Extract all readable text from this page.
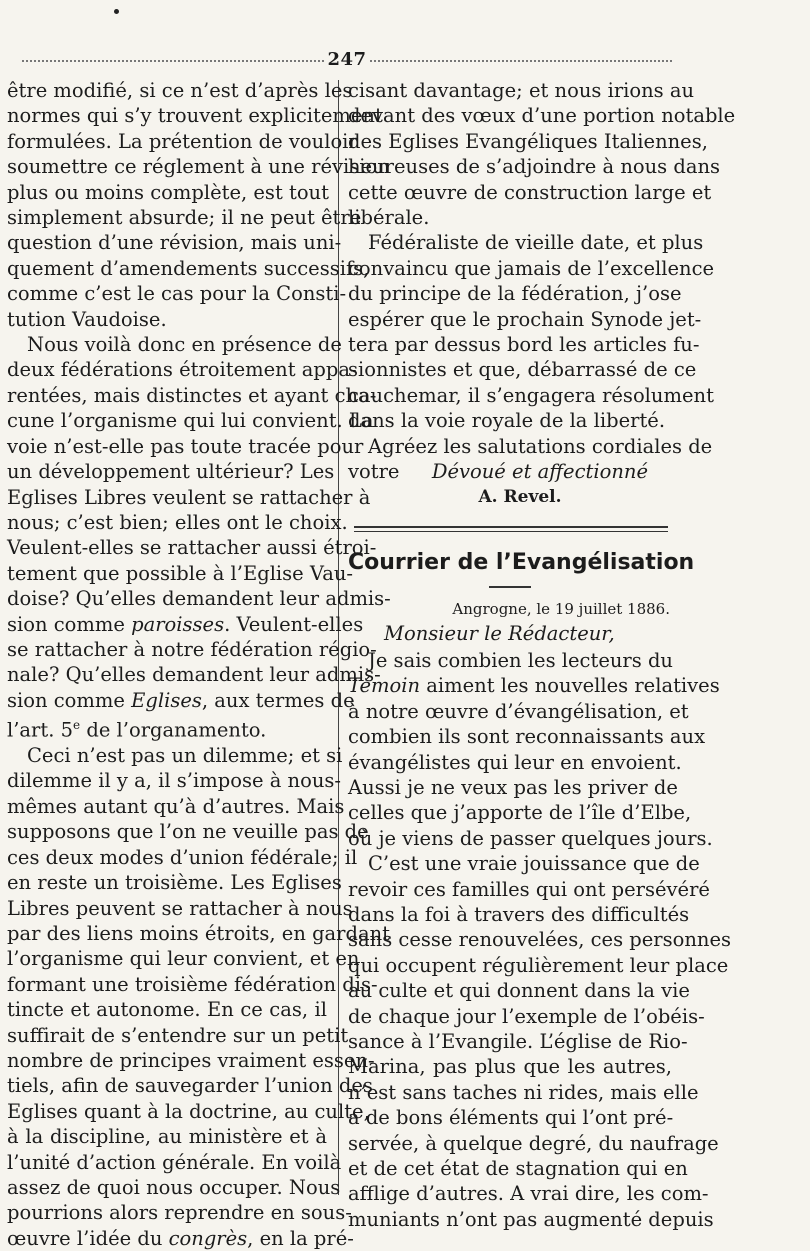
247
être modifié, si ce n’est d’après les
normes qui s’y trouvent explicitement
formulées. La prétention de vouloir
soumettre ce réglement à une révision
plus ou moins complète, est tout
simplement absurde; il ne peut être
question d’une révision, mais uni-
quement d’amendements successifs,
comme c’est le cas pour la Consti-
tution Vaudoise.
Nous voilà donc en présence de
deux fédérations étroitement appa-
rentées, mais distinctes et ayant cha-
cune l’organisme qui lui convient. La
voie n’est-elle pas toute tracée pour
un développement ultérieur? Les
Eglises Libres veulent se rattacher à
nous; c’est bien; elles ont le choix.
Veulent-elles se rattacher aussi étroi-
tement que possible à l’Eglise Vau-
doise? Qu’elles demandent leur admis-
sion comme paroisses. Veulent-elles
se rattacher à notre fédération régio-
nale? Qu’elles demandent leur admis-
sion comme Eglises, aux termes de
l’art. 5e de l’organamento.
Ceci n’est pas un dilemme; et si
dilemme il y a, il s’impose à nous-
mêmes autant qu’à d’autres. Mais
supposons que l’on ne veuille pas de
ces deux modes d’union fédérale; il
en reste un troisième. Les Eglises
Libres peuvent se rattacher à nous
par des liens moins étroits, en gardant
l’organisme qui leur convient, et en
formant une troisième fédération dis-
tincte et autonome. En ce cas, il
suffirait de s’entendre sur un petit
nombre de principes vraiment essen-
tiels, afin de sauvegarder l’union des
Eglises quant à la doctrine, au culte,
à la discipline, au ministère et à
l’unité d’action générale. En voilà
assez de quoi nous occuper. Nous
pourrions alors reprendre en sous-
œuvre l’idée du congrès, en la pré-
cisant davantage; et nous irions au
devant des vœux d’une portion notable
des Eglises Evangéliques Italiennes,
heureuses de s’adjoindre à nous dans
cette œuvre de construction large et
libérale.
Fédéraliste de vieille date, et plus
convaincu que jamais de l’excellence
du principe de la fédération, j’ose
espérer que le prochain Synode jet-
tera par dessus bord les articles fu-
sionnistes et que, débarrassé de ce
cauchemar, il s’engagera résolument
dans la voie royale de la liberté.
Agréez les salutations cordiales de
votre Dévoué et affectionné
A. Revel.
Courrier de l’Evangélisation
Angrogne, le 19 juillet 1886.
Monsieur le Rédacteur,
Je sais combien les lecteurs du
Témoin aiment les nouvelles relatives
à notre œuvre d’évangélisation, et
combien ils sont reconnaissants aux
évangélistes qui leur en envoient.
Aussi je ne veux pas les priver de
celles que j’apporte de l’île d’Elbe,
où je viens de passer quelques jours.
C’est une vraie jouissance que de
revoir ces familles qui ont persévéré
dans la foi à travers des difficultés
sans cesse renouvelées, ces personnes
qui occupent régulièrement leur place
au culte et qui donnent dans la vie
de chaque jour l’exemple de l’obéis-
sance à l’Evangile. L’église de Rio-
Marina, pas plus que les autres,
n’est sans taches ni rides, mais elle
a de bons éléments qui l’ont pré-
servée, à quelque degré, du naufrage
et de cet état de stagnation qui en
afflige d’autres. A vrai dire, les com-
muniants n’ont pas augmenté depuis
